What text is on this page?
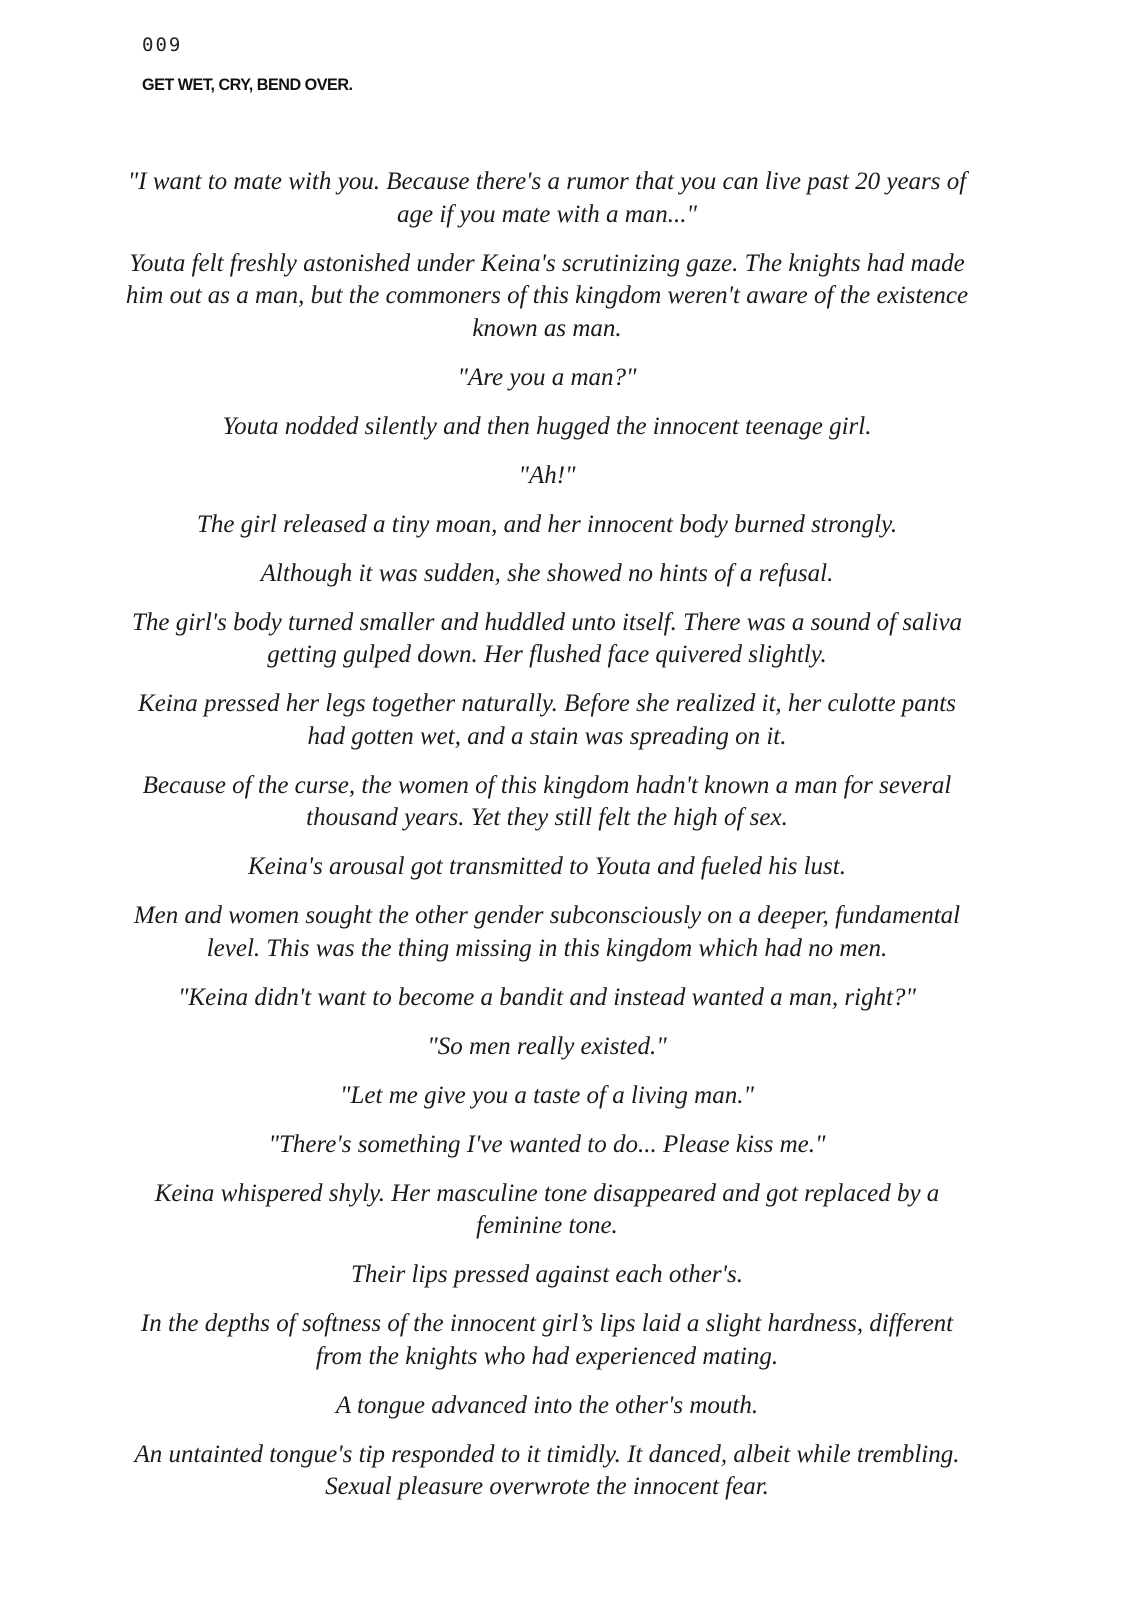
009
GET WET, CRY, BEND OVER.

"I want to mate with you. Because there's a rumor that you can live past 20 years of age if you mate with a man..."

Youta felt freshly astonished under Keina's scrutinizing gaze. The knights had made him out as a man, but the commoners of this kingdom weren't aware of the existence known as man.

"Are you a man?"

Youta nodded silently and then hugged the innocent teenage girl.

"Ah!"

The girl released a tiny moan, and her innocent body burned strongly.

Although it was sudden, she showed no hints of a refusal.

The girl's body turned smaller and huddled unto itself. There was a sound of saliva getting gulped down. Her flushed face quivered slightly.

Keina pressed her legs together naturally. Before she realized it, her culotte pants had gotten wet, and a stain was spreading on it.

Because of the curse, the women of this kingdom hadn't known a man for several thousand years. Yet they still felt the high of sex.

Keina's arousal got transmitted to Youta and fueled his lust.

Men and women sought the other gender subconsciously on a deeper, fundamental level. This was the thing missing in this kingdom which had no men.

"Keina didn't want to become a bandit and instead wanted a man, right?"

"So men really existed."

"Let me give you a taste of a living man."

"There's something I've wanted to do... Please kiss me."

Keina whispered shyly. Her masculine tone disappeared and got replaced by a feminine tone.

Their lips pressed against each other's.

In the depths of softness of the innocent girl’s lips laid a slight hardness, different from the knights who had experienced mating.

A tongue advanced into the other's mouth.

An untainted tongue's tip responded to it timidly. It danced, albeit while trembling. Sexual pleasure overwrote the innocent fear.
